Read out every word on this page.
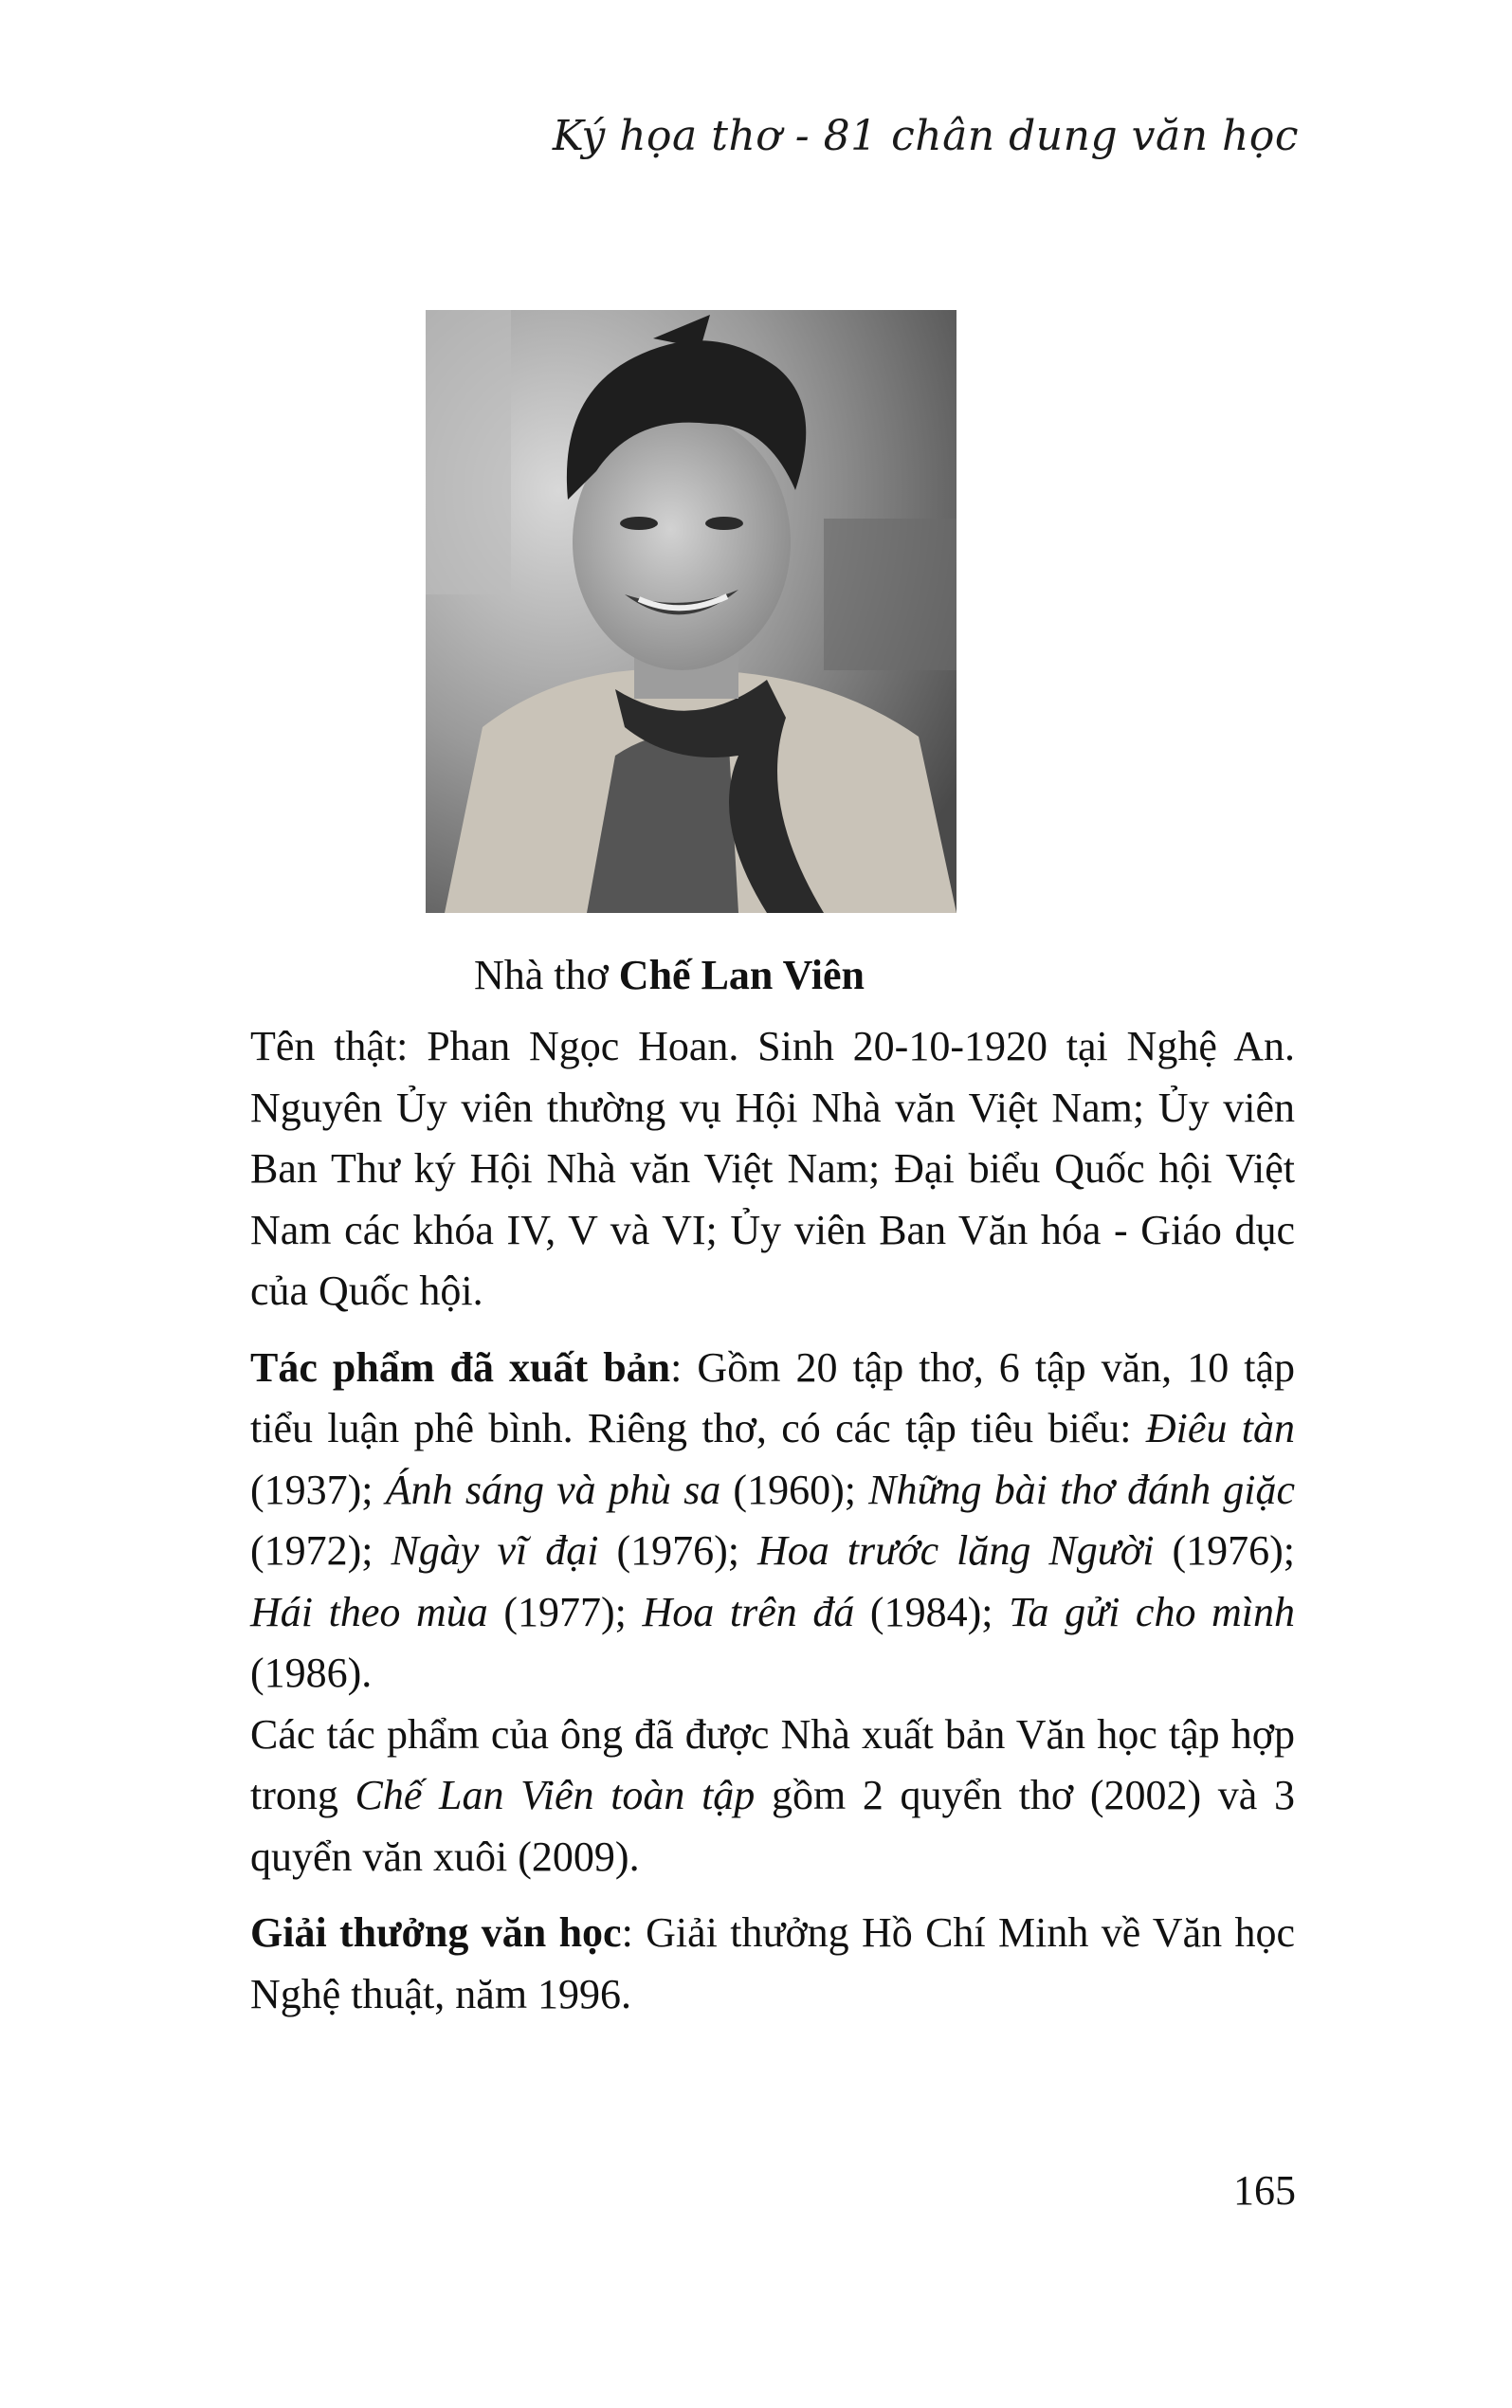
Ký họa thơ - 81 chân dung văn học
Nhà thơ Chế Lan Viên

Tên thật: Phan Ngọc Hoan. Sinh 20-10-1920 tại Nghệ An. Nguyên Ủy viên thường vụ Hội Nhà văn Việt Nam; Ủy viên Ban Thư ký Hội Nhà văn Việt Nam; Đại biểu Quốc hội Việt Nam các khóa IV, V và VI; Ủy viên Ban Văn hóa - Giáo dục của Quốc hội.

Tác phẩm đã xuất bản: Gồm 20 tập thơ, 6 tập văn, 10 tập tiểu luận phê bình. Riêng thơ, có các tập tiêu biểu: Điêu tàn (1937); Ánh sáng và phù sa (1960); Những bài thơ đánh giặc (1972); Ngày vĩ đại (1976); Hoa trước lăng Người (1976); Hái theo mùa (1977); Hoa trên đá (1984); Ta gửi cho mình (1986).

Các tác phẩm của ông đã được Nhà xuất bản Văn học tập hợp trong Chế Lan Viên toàn tập gồm 2 quyển thơ (2002) và 3 quyển văn xuôi (2009).

Giải thưởng văn học: Giải thưởng Hồ Chí Minh về Văn học Nghệ thuật, năm 1996.

165
